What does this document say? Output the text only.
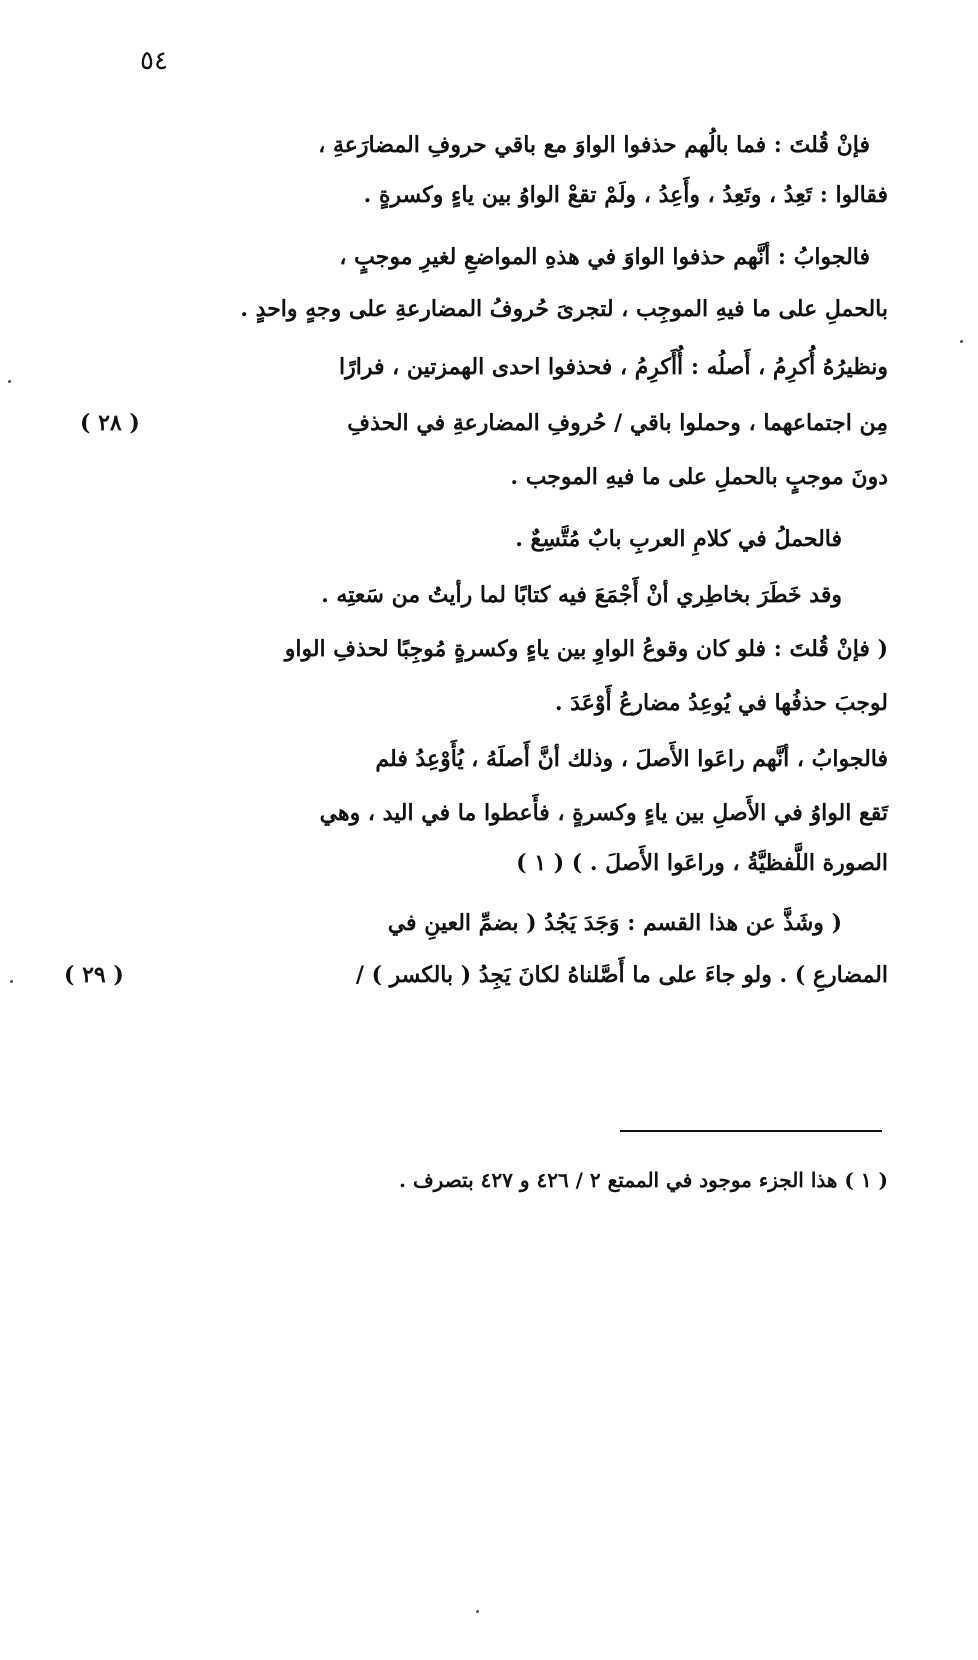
٥٤
فإنْ قُلتَ : فما بالُهم حذفوا الواوَ مع باقي حروفِ المضارَعةِ ،
فقالوا : تَعِدُ ، وتَعِدُ ، وأَعِدُ ، ولَمْ تقعْ الواوُ بين ياءٍ وكسرةٍ .
فالجوابُ : أنَّهم حذفوا الواوَ في هذهِ المواضعِ لغيرِ موجبٍ ،
بالحملِ على ما فيهِ الموجِب ، لتجرىَ حُروفُ المضارعةِ على وجهٍ واحدٍ .
ونظيرُهُ أُكرِمُ ، أَصلُه : أُأَكرِمُ ، فحذفوا احدى الهمزتين ، فرارًا
مِن اجتماعهما ، وحملوا باقي / حُروفِ المضارعةِ في الحذفِ
( ٢٨ )
دونَ موجبٍ بالحملِ على ما فيهِ الموجب .
فالحملُ في كلامِ العربِ بابٌ مُتَّسِعٌ .
وقد خَطَرَ بخاطِري أنْ أَجْمَعَ فيه كتابًا لما رأيتُ من سَعتِه .
( فإنْ قُلتَ : فلو كان وقوعُ الواوِ بين ياءٍ وكسرةٍ مُوجِبًا لحذفِ الواو
لوجبَ حذفُها في يُوعِدُ مضارعُ أَوْعَدَ .
فالجوابُ ، أنَّهم راعَوا الأَصلَ ، وذلك أنَّ أَصلَهُ ، يُأَوْعِدُ فلم
تَقع الواوُ في الأَصلِ بين ياءٍ وكسرةٍ ، فأَعطوا ما في اليد ، وهي
الصورة اللَّفظيَّةُ ، وراعَوا الأَصلَ . ) ( ١ )
( وشَذَّ عن هذا القسم : وَجَدَ يَجُدُ ( بضمِّ العينِ في
المضارعِ ) . ولو جاءَ على ما أَصَّلناهُ لكانَ يَجِدُ ( بالكسر ) /
( ٢٩ )
( ١ ) هذا الجزء موجود في الممتع ٢ / ٤٢٦ و ٤٢٧ بتصرف .
